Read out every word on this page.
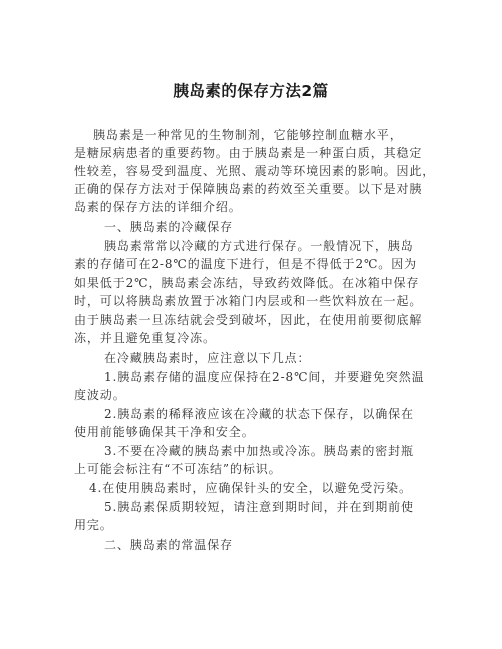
胰岛素的保存方法2篇
胰岛素是一种常见的生物制剂，它能够控制血糖水平，
是糖尿病患者的重要药物。由于胰岛素是一种蛋白质，其稳定
性较差，容易受到温度、光照、震动等环境因素的影响。因此，
正确的保存方法对于保障胰岛素的药效至关重要。以下是对胰
岛素的保存方法的详细介绍。
一、胰岛素的冷藏保存
胰岛素常常以冷藏的方式进行保存。一般情况下，胰岛
素的存储可在2-8℃的温度下进行，但是不得低于2℃。因为
如果低于2℃，胰岛素会冻结，导致药效降低。在冰箱中保存
时，可以将胰岛素放置于冰箱门内层或和一些饮料放在一起。
由于胰岛素一旦冻结就会受到破坏，因此，在使用前要彻底解
冻，并且避免重复冷冻。
在冷藏胰岛素时，应注意以下几点：
1.胰岛素存储的温度应保持在2-8℃间，并要避免突然温
度波动。
2.胰岛素的稀释液应该在冷藏的状态下保存，以确保在
使用前能够确保其干净和安全。
3.不要在冷藏的胰岛素中加热或冷冻。胰岛素的密封瓶
上可能会标注有“不可冻结”的标识。
4.在使用胰岛素时，应确保针头的安全，以避免受污染。
5.胰岛素保质期较短，请注意到期时间，并在到期前使
用完。
二、胰岛素的常温保存
